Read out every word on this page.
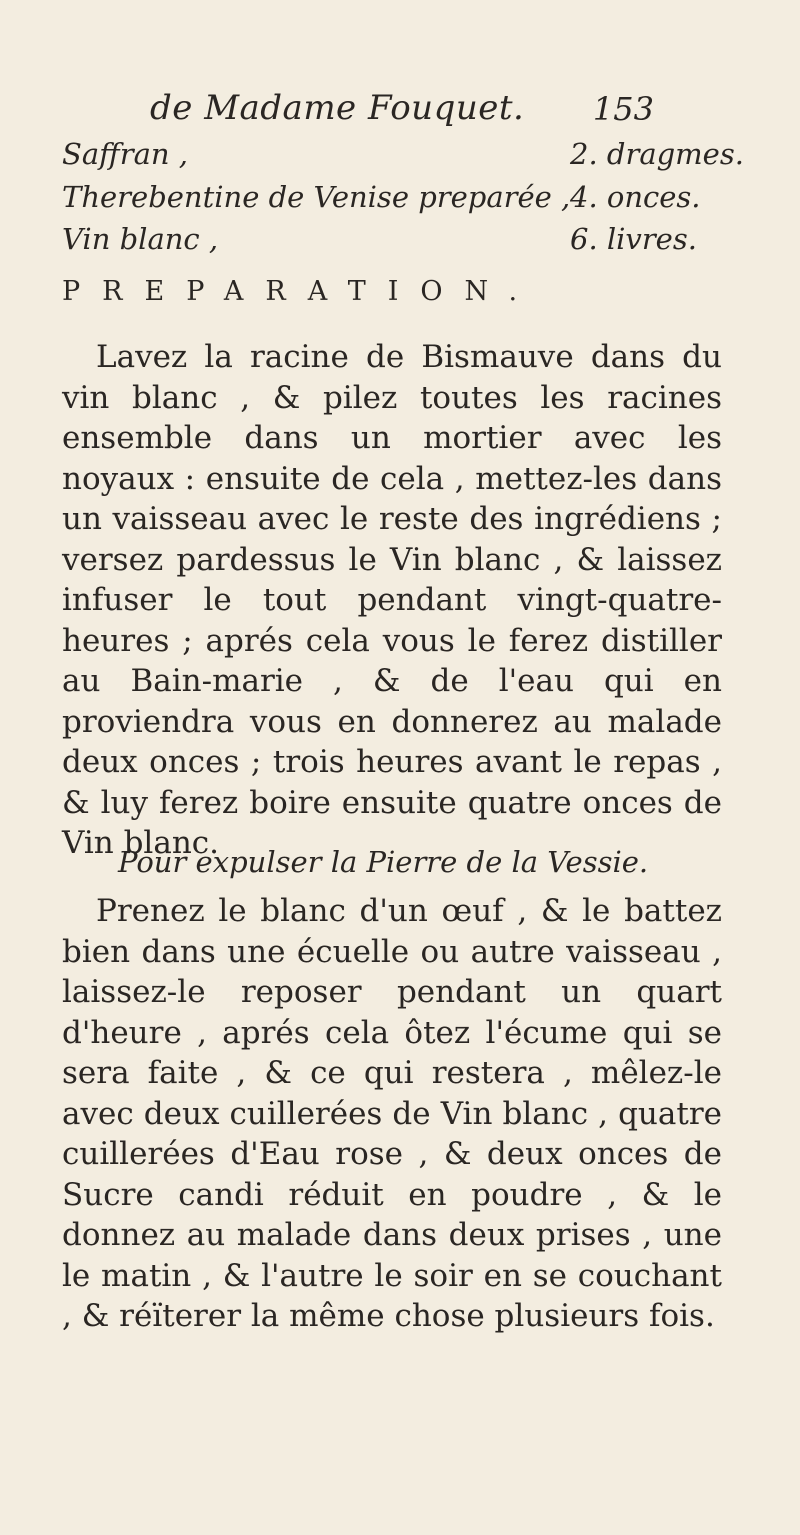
de Madame Fouquet.	153
Saffran ,	2. dragmes.
Therebentine de Venise preparée , 4. onces.
Vin blanc ,	6. livres.
PREPARATION.

Lavez la racine de Bismauve dans du vin blanc , & pilez toutes les racines ensemble dans un mortier avec les noyaux : ensuite de cela , mettez-les dans un vaisseau avec le reste des ingrédiens ; versez pardessus le Vin blanc , & laissez infuser le tout pendant vingt-quatre-heures ; aprés cela vous le ferez distiller au Bain-marie , & de l'eau qui en proviendra vous en donnerez au malade deux onces ; trois heures avant le repas , & luy ferez boire ensuite quatre onces de Vin blanc.

Pour expulser la Pierre de la Vessie.

Prenez le blanc d'un œuf , & le battez bien dans une écuelle ou autre vaisseau , laissez-le reposer pendant un quart d'heure , aprés cela ôtez l'écume qui se sera faite , & ce qui restera , mêlez-le avec deux cuillerées de Vin blanc , quatre cuillerées d'Eau rose , & deux onces de Sucre candi réduit en poudre , & le donnez au malade dans deux prises , une le matin , & l'autre le soir en se couchant , & réïterer la même chose plusieurs fois.
